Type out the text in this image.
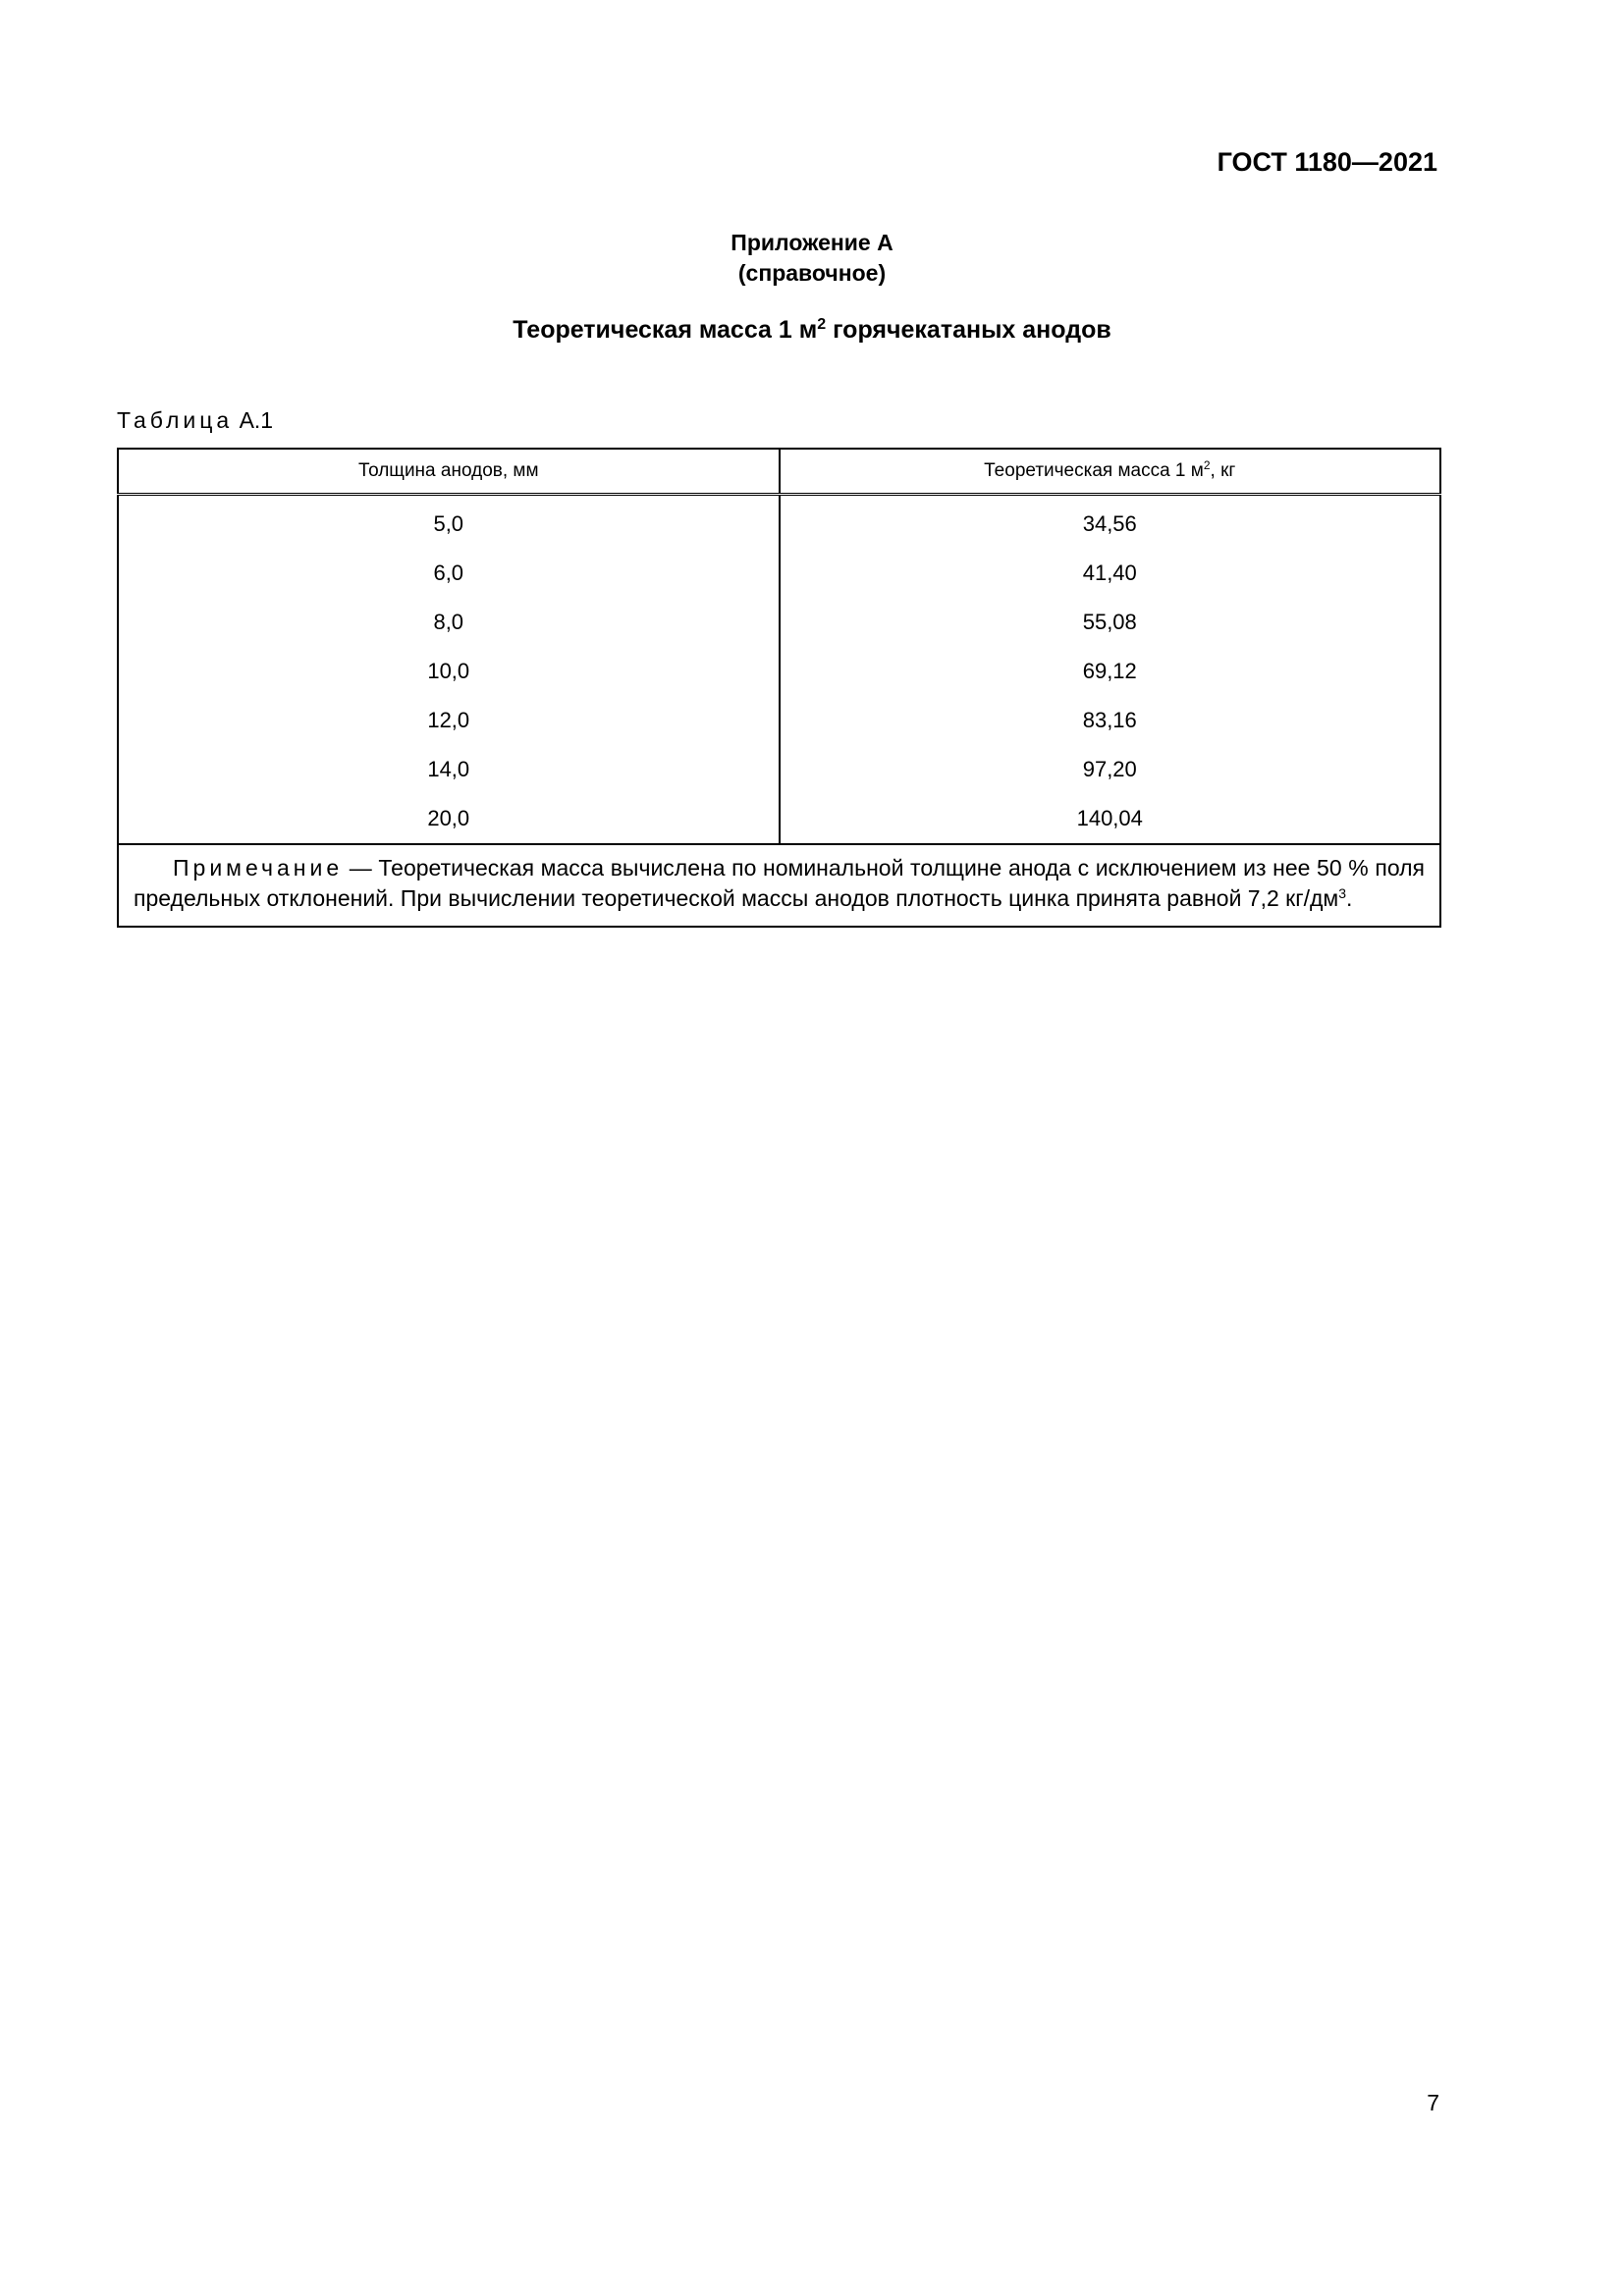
ГОСТ 1180—2021
Приложение А
(справочное)
Теоретическая масса 1 $м^2$ горячекатаных анодов
Таблица А.1
Толщина анодов, мм	Теоретическая масса 1 $м^2$, кг
5,0	34,56
6,0	41,40
8,0	55,08
10,0	69,12
12,0	83,16
14,0	97,20
20,0	140,04
Примечание — Теоретическая масса вычислена по номинальной толщине анода с исключением из нее 50 % поля предельных отклонений. При вычислении теоретической массы анодов плотность цинка принята равной 7,2 $кг/дм^3$.	
7
